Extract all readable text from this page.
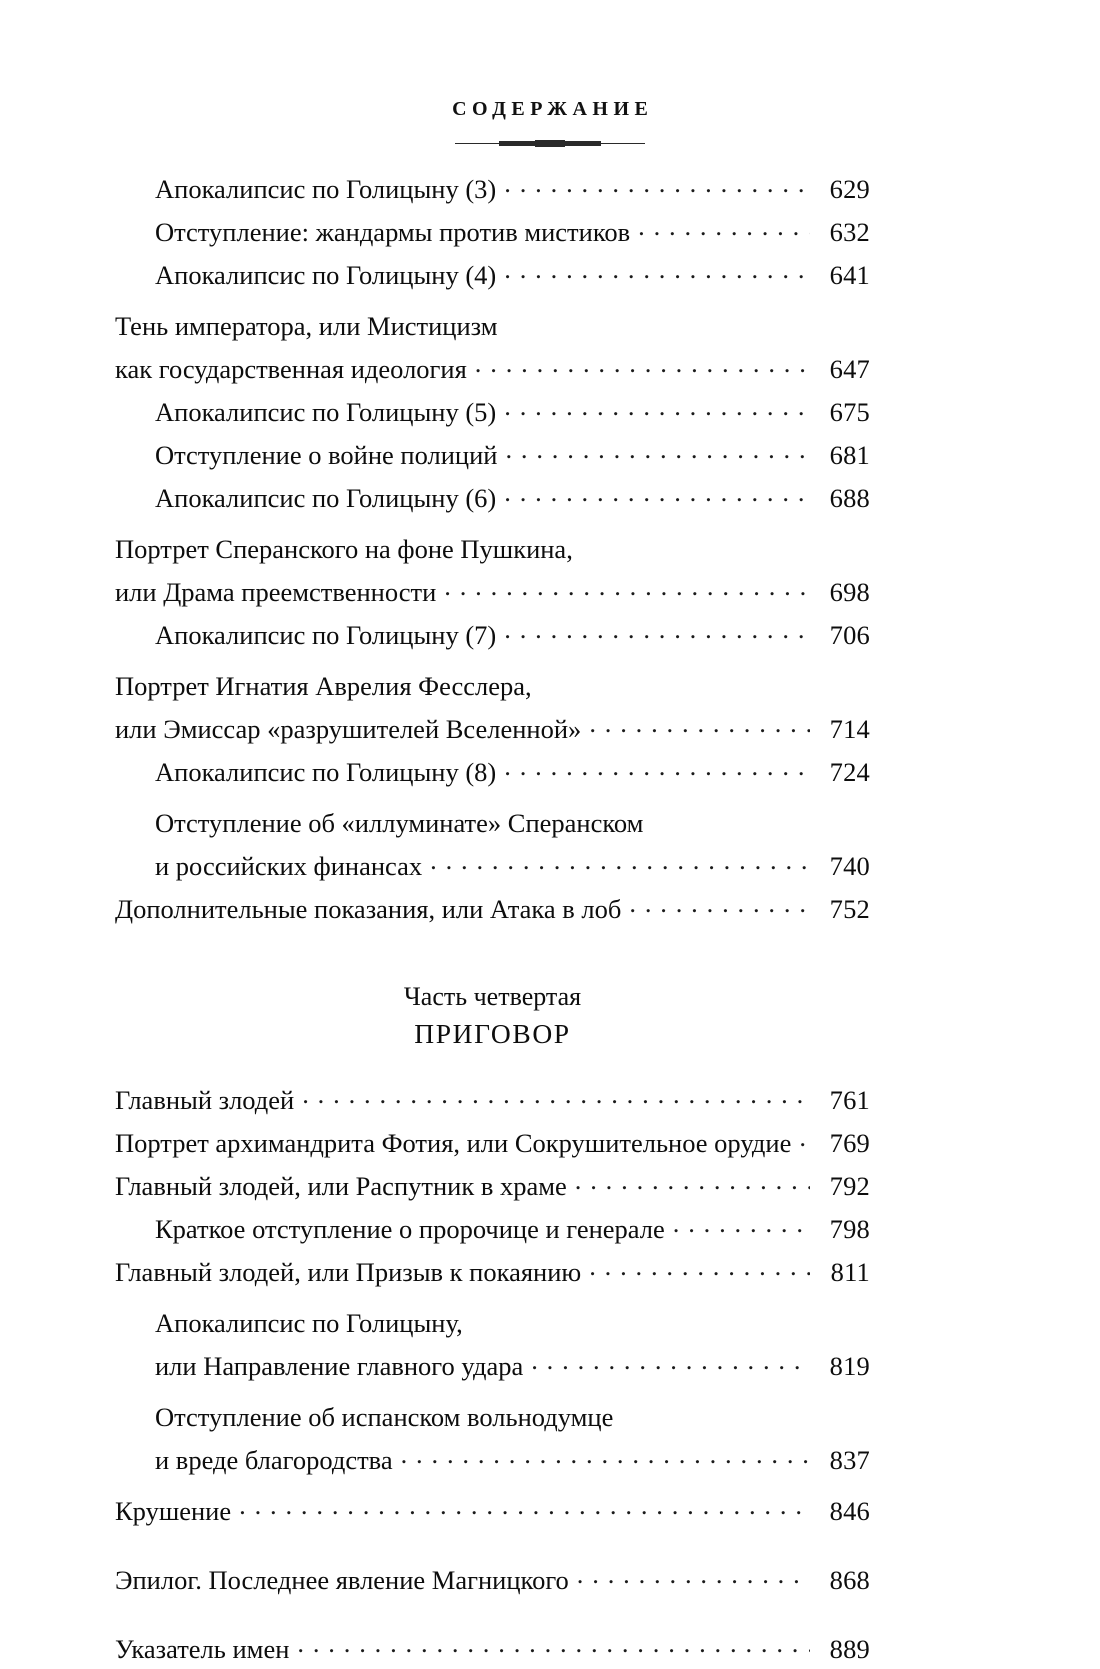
СОДЕРЖАНИЕ
Апокалипсис по Голицыну (3) . . .	629
Отступление: жандармы против мистиков . . .	632
Апокалипсис по Голицыну (4) . . .	641
Тень императора, или Мистицизм
как государственная идеология . . .	647
Апокалипсис по Голицыну (5) . . .	675
Отступление о войне полиций . . .	681
Апокалипсис по Голицыну (6) . . .	688
Портрет Сперанского на фоне Пушкина,
или Драма преемственности . . .	698
Апокалипсис по Голицыну (7) . . .	706
Портрет Игнатия Аврелия Фесслера,
или Эмиссар «разрушителей Вселенной» . . .	714
Апокалипсис по Голицыну (8) . . .	724
Отступление об «иллуминате» Сперанском
и российских финансах . . .	740
Дополнительные показания, или Атака в лоб . . .	752
Часть четвертая
ПРИГОВОР
Главный злодей . . .	761
Портрет архимандрита Фотия, или Сокрушительное орудие . . .	769
Главный злодей, или Распутник в храме . . .	792
Краткое отступление о пророчице и генерале . . .	798
Главный злодей, или Призыв к покаянию . . .	811
Апокалипсис по Голицыну,
или Направление главного удара . . .	819
Отступление об испанском вольнодумце
и вреде благородства . . .	837
Крушение . . .	846
Эпилог. Последнее явление Магницкого . . .	868
Указатель имен . . .	889
